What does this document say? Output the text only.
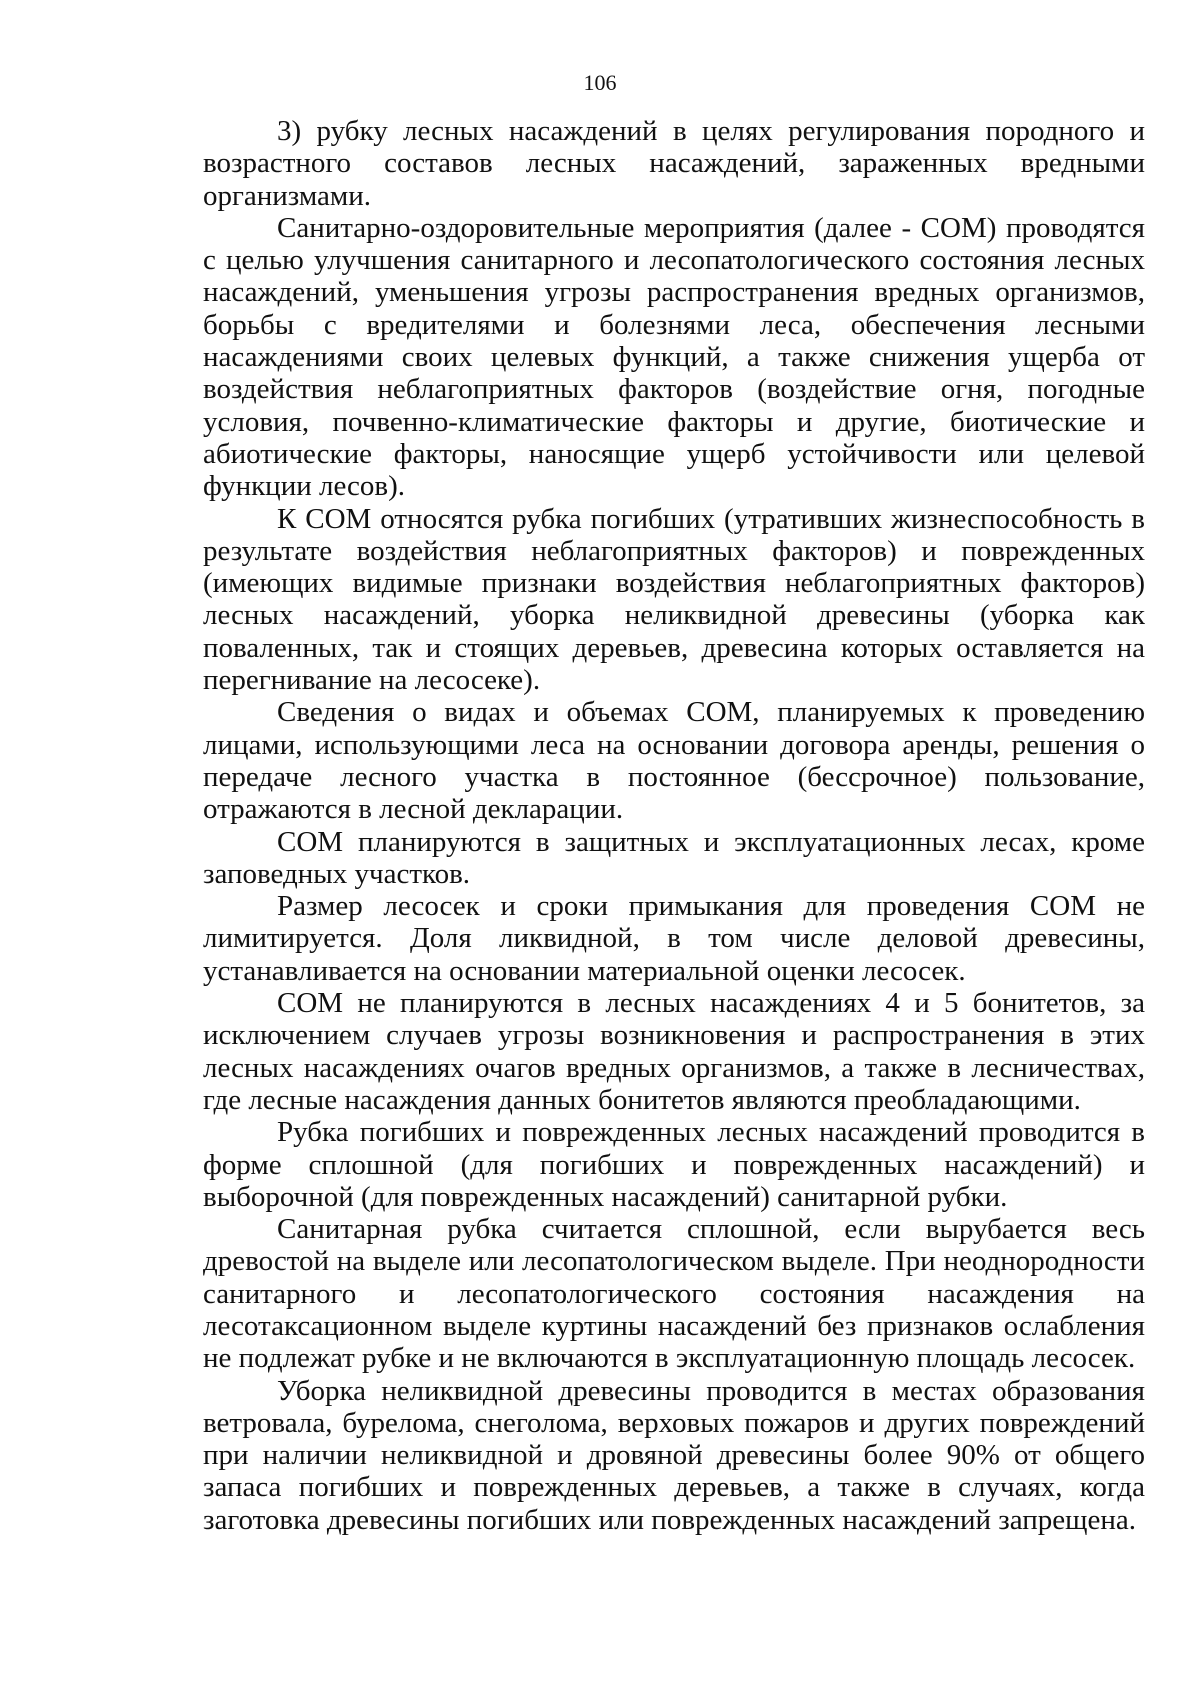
106

3) рубку лесных насаждений в целях регулирования породного и возрастного составов лесных насаждений, зараженных вредными организмами.

Санитарно-оздоровительные мероприятия (далее - СОМ) проводятся с целью улучшения санитарного и лесопатологического состояния лесных насаждений, уменьшения угрозы распространения вредных организмов, борьбы с вредителями и болезнями леса, обеспечения лесными насаждениями своих целевых функций, а также снижения ущерба от воздействия неблагоприятных факторов (воздействие огня, погодные условия, почвенно-климатические факторы и другие, биотические и абиотические факторы, наносящие ущерб устойчивости или целевой функции лесов).

К СОМ относятся рубка погибших (утративших жизнеспособность в результате воздействия неблагоприятных факторов) и поврежденных (имеющих видимые признаки воздействия неблагоприятных факторов) лесных насаждений, уборка неликвидной древесины (уборка как поваленных, так и стоящих деревьев, древесина которых оставляется на перегнивание на лесосеке).

Сведения о видах и объемах СОМ, планируемых к проведению лицами, использующими леса на основании договора аренды, решения о передаче лесного участка в постоянное (бессрочное) пользование, отражаются в лесной декларации.

СОМ планируются в защитных и эксплуатационных лесах, кроме заповедных участков.

Размер лесосек и сроки примыкания для проведения СОМ не лимитируется. Доля ликвидной, в том числе деловой древесины, устанавливается на основании материальной оценки лесосек.

СОМ не планируются в лесных насаждениях 4 и 5 бонитетов, за исключением случаев угрозы возникновения и распространения в этих лесных насаждениях очагов вредных организмов, а также в лесничествах, где лесные насаждения данных бонитетов являются преобладающими.

Рубка погибших и поврежденных лесных насаждений проводится в форме сплошной (для погибших и поврежденных насаждений) и выборочной (для поврежденных насаждений) санитарной рубки.

Санитарная рубка считается сплошной, если вырубается весь древостой на выделе или лесопатологическом выделе. При неоднородности санитарного и лесопатологического состояния насаждения на лесотаксационном выделе куртины насаждений без признаков ослабления не подлежат рубке и не включаются в эксплуатационную площадь лесосек.

Уборка неликвидной древесины проводится в местах образования ветровала, бурелома, снеголома, верховых пожаров и других повреждений при наличии неликвидной и дровяной древесины более 90% от общего запаса погибших и поврежденных деревьев, а также в случаях, когда заготовка древесины погибших или поврежденных насаждений запрещена.
